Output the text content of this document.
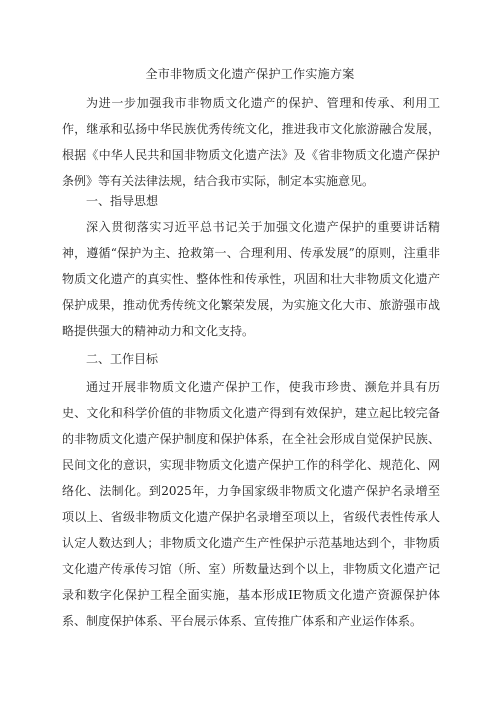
全市非物质文化遗产保护工作实施方案

为进一步加强我市非物质文化遗产的保护、管理和传承、利用工作，继承和弘扬中华民族优秀传统文化，推进我市文化旅游融合发展，根据《中华人民共和国非物质文化遗产法》及《省非物质文化遗产保护条例》等有关法律法规，结合我市实际，制定本实施意见。

一、指导思想

深入贯彻落实习近平总书记关于加强文化遗产保护的重要讲话精神，遵循“保护为主、抢救第一、合理利用、传承发展”的原则，注重非物质文化遗产的真实性、整体性和传承性，巩固和壮大非物质文化遗产保护成果，推动优秀传统文化繁荣发展，为实施文化大市、旅游强市战略提供强大的精神动力和文化支持。

二、工作目标

通过开展非物质文化遗产保护工作，使我市珍贵、濒危并具有历史、文化和科学价值的非物质文化遗产得到有效保护，建立起比较完备的非物质文化遗产保护制度和保护体系，在全社会形成自觉保护民族、民间文化的意识，实现非物质文化遗产保护工作的科学化、规范化、网络化、法制化。到2025年，力争国家级非物质文化遗产保护名录增至项以上、省级非物质文化遗产保护名录增至项以上，省级代表性传承人认定人数达到人；非物质文化遗产生产性保护示范基地达到个，非物质文化遗产传承传习馆（所、室）所数量达到个以上，非物质文化遗产记录和数字化保护工程全面实施，基本形成IE物质文化遗产资源保护体系、制度保护体系、平台展示体系、宣传推广体系和产业运作体系。
